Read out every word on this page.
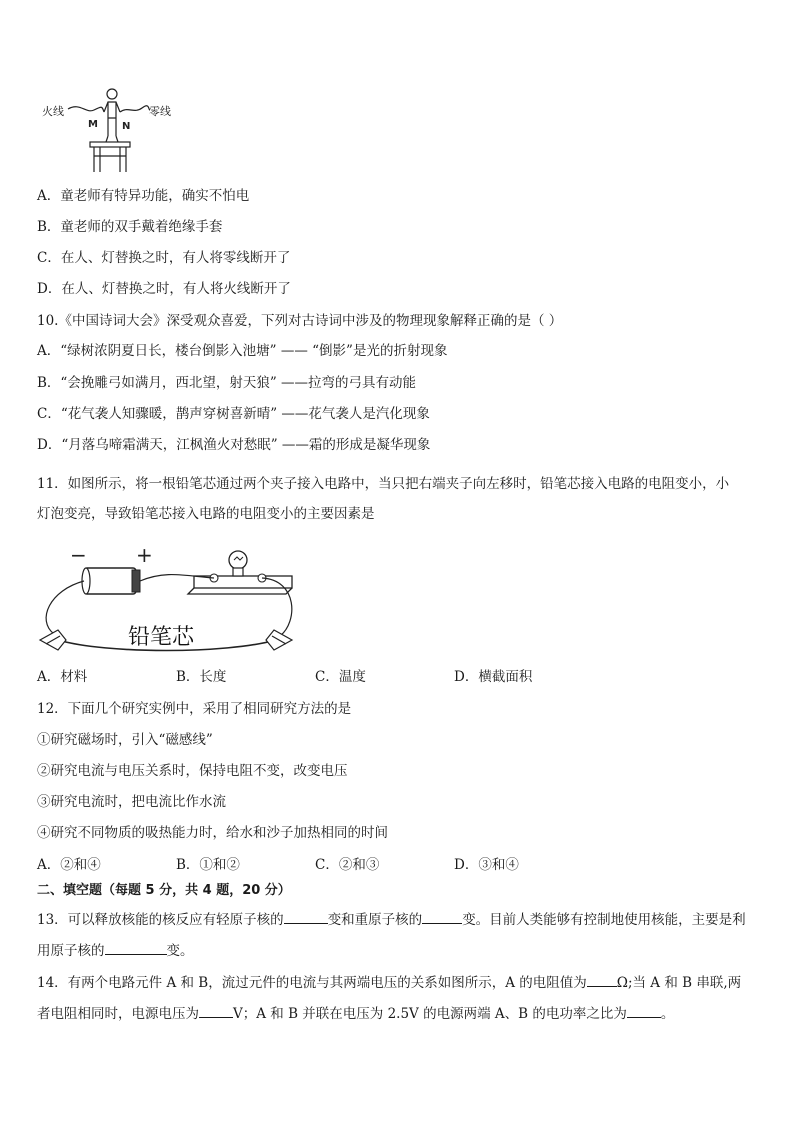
火线	零线
M N
A．童老师有特异功能，确实不怕电
B．童老师的双手戴着绝缘手套
C．在人、灯替换之时，有人将零线断开了
D．在人、灯替换之时，有人将火线断开了
10.《中国诗词大会》深受观众喜爱，下列对古诗词中涉及的物理现象解释正确的是（ ）
A．“绿树浓阴夏日长，楼台倒影入池塘” —— “倒影”是光的折射现象
B．“会挽雕弓如满月，西北望，射天狼” ——拉弯的弓具有动能
C．“花气袭人知骤暖，鹊声穿树喜新晴” ——花气袭人是汽化现象
D．“月落乌啼霜满天，江枫渔火对愁眠” ——霜的形成是凝华现象
11．如图所示，将一根铅笔芯通过两个夹子接入电路中，当只把右端夹子向左移时，铅笔芯接入电路的电阻变小，小
灯泡变亮，导致铅笔芯接入电路的电阻变小的主要因素是
− +
铅笔芯
A．材料	B．长度	C．温度	D．横截面积
12．下面几个研究实例中，采用了相同研究方法的是
①研究磁场时，引入“磁感线”
②研究电流与电压关系时，保持电阻不变，改变电压
③研究电流时，把电流比作水流
④研究不同物质的吸热能力时，给水和沙子加热相同的时间
A．②和④	B．①和②	C．②和③	D．③和④
二、填空题（每题 5 分，共 4 题，20 分）
13．可以释放核能的核反应有轻原子核的	变和重原子核的	变。目前人类能够有控制地使用核能，主要是利
用原子核的	变。
14．有两个电路元件 A 和 B，流过元件的电流与其两端电压的关系如图所示，A 的电阻值为 Ω;当 A 和 B 串联,两
者电阻相同时，电源电压为	V；A 和 B 并联在电压为 2.5V 的电源两端 A、B 的电功率之比为	。
